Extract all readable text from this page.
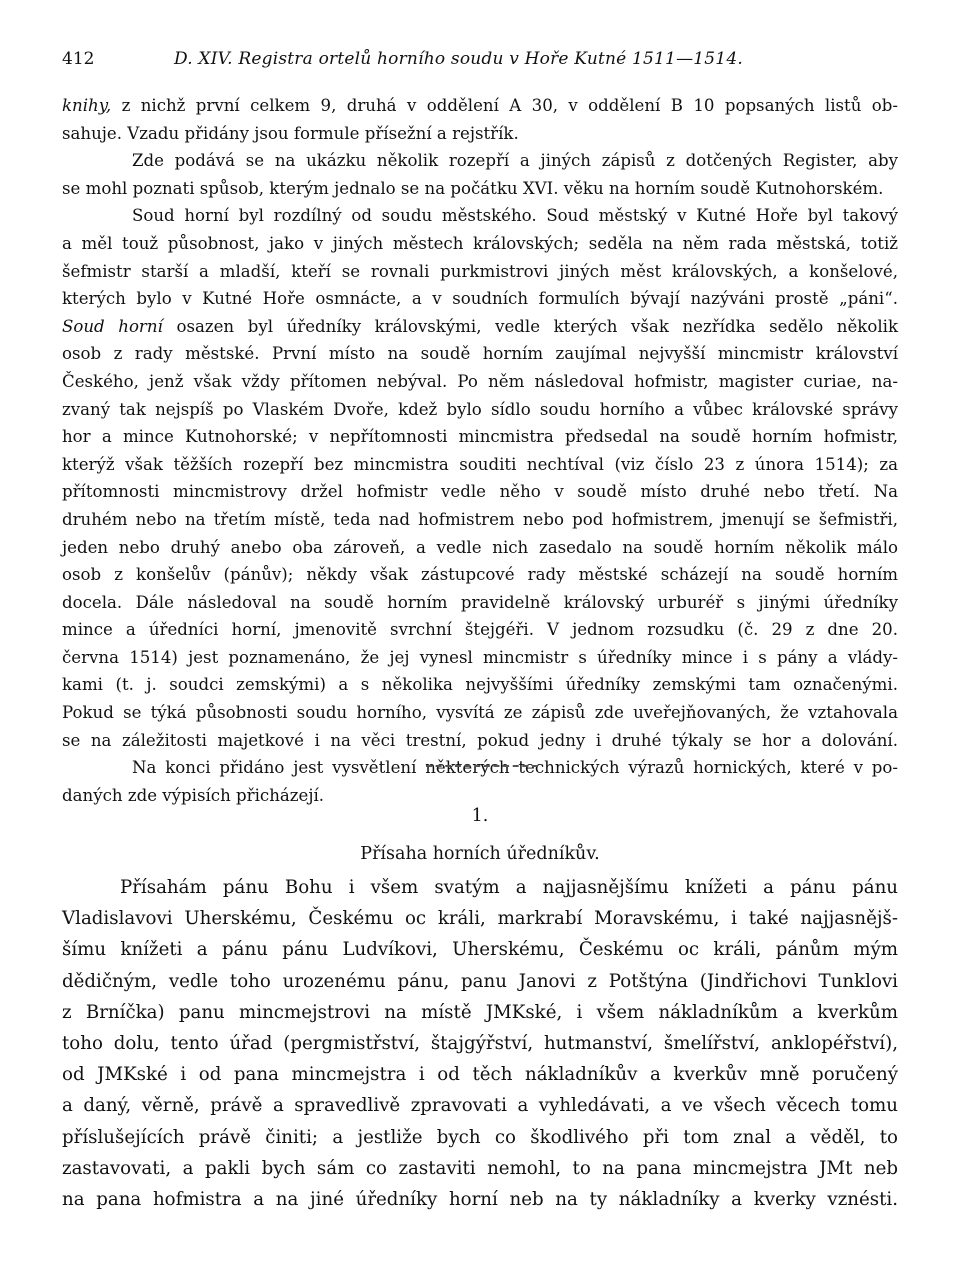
412	D. XIV. Registra ortelů horního soudu v Hoře Kutné 1511—1514.
knihy, z nichž první celkem 9, druhá v oddělení A 30, v oddělení B 10 popsaných listů ob-
sahuje. Vzadu přidány jsou formule přísežní a rejstřík.
Zde podává se na ukázku několik rozepří a jiných zápisů z dotčených Register, aby
se mohl poznati spůsob, kterým jednalo se na počátku XVI. věku na horním soudě Kutnohorském.
Soud horní byl rozdílný od soudu městského. Soud městský v Kutné Hoře byl takový
a měl touž působnost, jako v jiných městech královských; seděla na něm rada městská, totiž
šefmistr starší a mladší, kteří se rovnali purkmistrovi jiných měst královských, a konšelové,
kterých bylo v Kutné Hoře osmnácte, a v soudních formulích bývají nazýváni prostě „páni“.
Soud horní osazen byl úředníky královskými, vedle kterých však nezřídka sedělo několik
osob z rady městské. První místo na soudě horním zaujímal nejvyšší mincmistr království
Českého, jenž však vždy přítomen nebýval. Po něm následoval hofmistr, magister curiae, na-
zvaný tak nejspíš po Vlaském Dvoře, kdež bylo sídlo soudu horního a vůbec královské správy
hor a mince Kutnohorské; v nepřítomnosti mincmistra předsedal na soudě horním hofmistr,
kterýž však těžších rozepří bez mincmistra souditi nechtíval (viz číslo 23 z února 1514); za
přítomnosti mincmistrovy držel hofmistr vedle něho v soudě místo druhé nebo třetí. Na
druhém nebo na třetím místě, teda nad hofmistrem nebo pod hofmistrem, jmenují se šefmistři,
jeden nebo druhý anebo oba zároveň, a vedle nich zasedalo na soudě horním několik málo
osob z konšelův (pánův); někdy však zástupcové rady městské scházejí na soudě horním
docela. Dále následoval na soudě horním pravidelně královský urburéř s jinými úředníky
mince a úředníci horní, jmenovitě svrchní štejgéři. V jednom rozsudku (č. 29 z dne 20.
června 1514) jest poznamenáno, že jej vynesl mincmistr s úředníky mince i s pány a vlády-
kami (t. j. soudci zemskými) a s několika nejvyššími úředníky zemskými tam označenými.
Pokud se týká působnosti soudu horního, vysvítá ze zápisů zde uveřejňovaných, že vztahovala
se na záležitosti majetkové i na věci trestní, pokud jedny i druhé týkaly se hor a dolování.
Na konci přidáno jest vysvětlení některých technických výrazů hornických, které v po-
daných zde výpisích přicházejí.
1.
Přísaha horních úředníkův.
Přísahám pánu Bohu i všem svatým a najjasnějšímu knížeti a pánu pánu
Vladislavovi Uherskému, Českému oc králi, markrabí Moravskému, i také najjasnějš-
šímu knížeti a pánu pánu Ludvíkovi, Uherskému, Českému oc králi, pánům mým
dědičným, vedle toho urozenému pánu, panu Janovi z Potštýna (Jindřichovi Tunklovi
z Brníčka) panu mincmejstrovi na místě JMKské, i všem nákladníkům a kverkům
toho dolu, tento úřad (pergmistřství, štajgýřství, hutmanství, šmelířství, anklopéřství),
od JMKské i od pana mincmejstra i od těch nákladníkův a kverkův mně poručený
a daný, věrně, právě a spravedlivě zpravovati a vyhledávati, a ve všech věcech tomu
příslušejících právě činiti; a jestliže bych co škodlivého při tom znal a věděl, to
zastavovati, a pakli bych sám co zastaviti nemohl, to na pana mincmejstra JMt neb
na pana hofmistra a na jiné úředníky horní neb na ty nákladníky a kverky vznésti.
